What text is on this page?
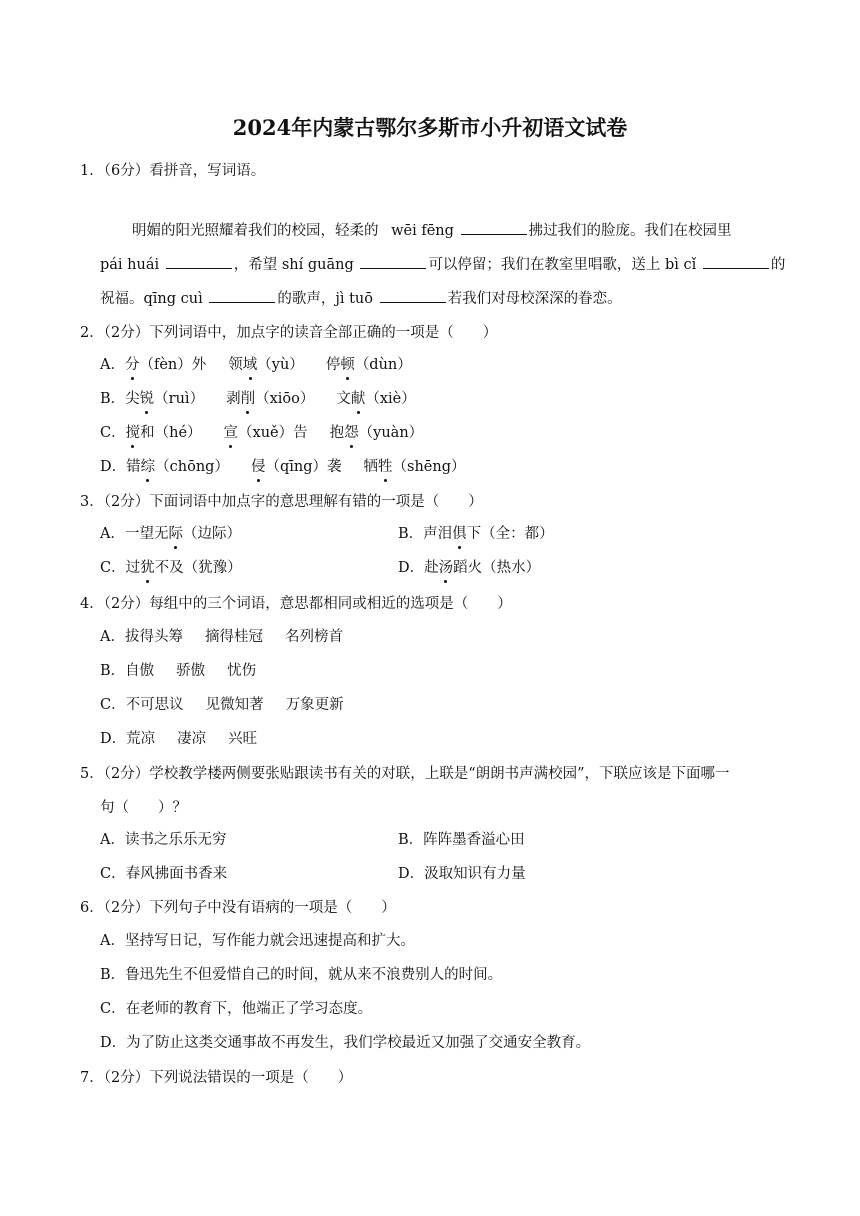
2024年内蒙古鄂尔多斯市小升初语文试卷
1．（6分）看拼音，写词语。
明媚的阳光照耀着我们的校园，轻柔的 wēi fēng	拂过我们的脸庞。我们在校园里
pái huái	，希望 shí guāng	可以停留；我们在教室里唱歌，送上 bì cǐ	的
祝福。qīng cuì	的歌声，jì tuō	若我们对母校深深的眷恋。
2．（2分）下列词语中，加点字的读音全部正确的一项是（　　）
A．分（fèn）外 领域（yù） 停顿（dùn）
B．尖锐（ruì） 剥削（xiōo） 文献（xiè）
C．搅和（hé） 宣（xuě）告 抱怨（yuàn）
D．错综（chōng） 侵（qīng）袭 牺牲（shēng）
3．（2分）下面词语中加点字的意思理解有错的一项是（　　）
A．一望无际（边际）	B．声泪俱下（全：都）
C．过犹不及（犹豫）	D．赴汤蹈火（热水）
4．（2分）每组中的三个词语，意思都相同或相近的选项是（　　）
A．拔得头筹 摘得桂冠 名列榜首
B．自傲 骄傲 忧伤
C．不可思议 见微知著 万象更新
D．荒凉 凄凉 兴旺
5．（2分）学校教学楼两侧要张贴跟读书有关的对联，上联是“朗朗书声满校园”，下联应该是下面哪一
句（　　）？
A．读书之乐乐无穷	B．阵阵墨香溢心田
C．春风拂面书香来	D．汲取知识有力量
6．（2分）下列句子中没有语病的一项是（　　）
A．坚持写日记，写作能力就会迅速提高和扩大。
B．鲁迅先生不但爱惜自己的时间，就从来不浪费别人的时间。
C．在老师的教育下，他端正了学习态度。
D．为了防止这类交通事故不再发生，我们学校最近又加强了交通安全教育。
7．（2分）下列说法错误的一项是（　　）
